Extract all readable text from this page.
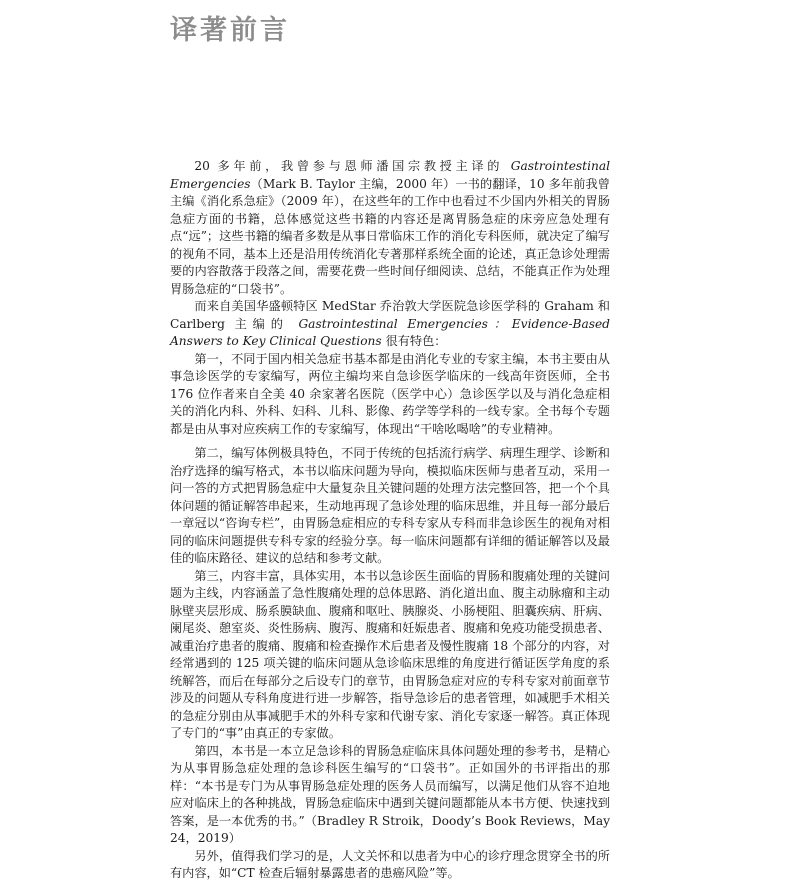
译著前言

20 多年前，我曾参与恩师潘国宗教授主译的 Gastrointestinal Emergencies（Mark B. Taylor 主编，2000 年）一书的翻译，10 多年前我曾主编《消化系急症》（2009 年），在这些年的工作中也看过不少国内外相关的胃肠急症方面的书籍，总体感觉这些书籍的内容还是离胃肠急症的床旁应急处理有点“远”；这些书籍的编者多数是从事日常临床工作的消化专科医师，就决定了编写的视角不同，基本上还是沿用传统消化专著那样系统全面的论述，真正急诊处理需要的内容散落于段落之间，需要花费一些时间仔细阅读、总结，不能真正作为处理胃肠急症的“口袋书”。

而来自美国华盛顿特区 MedStar 乔治敦大学医院急诊医学科的 Graham 和 Carlberg 主编的 Gastrointestinal Emergencies：Evidence-Based Answers to Key Clinical Questions 很有特色：

第一，不同于国内相关急症书基本都是由消化专业的专家主编，本书主要由从事急诊医学的专家编写，两位主编均来自急诊医学临床的一线高年资医师，全书 176 位作者来自全美 40 余家著名医院（医学中心）急诊医学以及与消化急症相关的消化内科、外科、妇科、儿科、影像、药学等学科的一线专家。全书每个专题都是由从事对应疾病工作的专家编写，体现出“干啥吆喝啥”的专业精神。

第二，编写体例极具特色，不同于传统的包括流行病学、病理生理学、诊断和治疗选择的编写格式，本书以临床问题为导向，模拟临床医师与患者互动，采用一问一答的方式把胃肠急症中大量复杂且关键问题的处理方法完整回答，把一个个具体问题的循证解答串起来，生动地再现了急诊处理的临床思维，并且每一部分最后一章冠以“咨询专栏”，由胃肠急症相应的专科专家从专科而非急诊医生的视角对相同的临床问题提供专科专家的经验分享。每一临床问题都有详细的循证解答以及最佳的临床路径、建议的总结和参考文献。

第三，内容丰富，具体实用，本书以急诊医生面临的胃肠和腹痛处理的关键问题为主线，内容涵盖了急性腹痛处理的总体思路、消化道出血、腹主动脉瘤和主动脉壁夹层形成、肠系膜缺血、腹痛和呕吐、胰腺炎、小肠梗阻、胆囊疾病、肝病、阑尾炎、憩室炎、炎性肠病、腹泻、腹痛和妊娠患者、腹痛和免疫功能受损患者、减重治疗患者的腹痛、腹痛和检查操作术后患者及慢性腹痛 18 个部分的内容，对经常遇到的 125 项关键的临床问题从急诊临床思维的角度进行循证医学角度的系统解答，而后在每部分之后设专门的章节，由胃肠急症对应的专科专家对前面章节涉及的问题从专科角度进行进一步解答，指导急诊后的患者管理，如减肥手术相关的急症分别由从事减肥手术的外科专家和代谢专家、消化专家逐一解答。真正体现了专门的“事”由真正的专家做。

第四，本书是一本立足急诊科的胃肠急症临床具体问题处理的参考书，是精心为从事胃肠急症处理的急诊科医生编写的“口袋书”。正如国外的书评指出的那样：“本书是专门为从事胃肠急症处理的医务人员而编写，以满足他们从容不迫地应对临床上的各种挑战，胃肠急症临床中遇到关键问题都能从本书方便、快速找到答案，是一本优秀的书。”（Bradley R Stroik，Doody’s Book Reviews，May 24，2019）

另外，值得我们学习的是，人文关怀和以患者为中心的诊疗理念贯穿全书的所有内容，如“CT 检查后辐射暴露患者的患癌风险”等。
